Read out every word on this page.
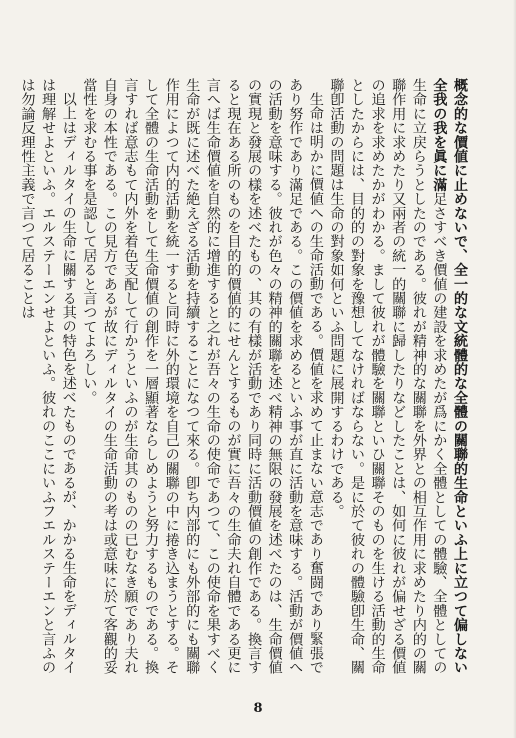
概念的な價値に止めないで、全一的な文統體的な全體の關聯的生命といふ上に立つて偏しない全我の我を眞に滿足さすべき價値の建設を求めたが爲にかく全體としての體驗、全體としての生命に立戻らうとしたのである。彼れが精神的な關聯を外界との相互作用に求めたり内的の關聯作用に求めたり又兩者の統一的關聯に歸したりなどしたことは、如何に彼れが偏せざる價値の追求を求めたかがわかる。まして彼れが體驗を關聯といひ關聯そのものを生ける活動的生命としたからには、目的的の對象を豫想してなければならない。是に於て彼れの體驗卽生命、關聯卽活動の問題は生命の對象如何といふ問題に展開するわけである。

生命は明かに價値への生命活動である。價値を求めて止まない意志であり奮闘であり緊張であり努作であり滿足である。この價値を求めるといふ事が直に活動を意味する。活動が價値への活動を意味する。彼れが色々の精神的關聯を述べ精神の無限の發展を述べたのは、生命價値の實現と發展の樣を述べたもの、其の有樣が活動であり同時に活動價値の創作である。換言すると現在ある所のものを目的的價値的にせんとするものが實に吾々の生命夫れ自體である更に言へば生命價値を自然的に增進すると之れが吾々の生命の使命であつて、この使命を果すべく生命が既に述べた絶えざる活動を持續することになつて來る。卽ち内部的にも外部的にも關聯作用によつて内的活動を統一すると同時に外的環境を自己の關聯の中に捲き込まうとする。そして全體の生命活動をして生命價値の創作を一層顯著ならしめようと努力するものである。換言すれば意志もて内外を着色支配して行かうといふのが生命其のものの已むなき願であり夫れ自身の本性である。この見方であるが故にディルタイの生命活動の考は或意味に於て客觀的妥當性を求むる事を是認して居ると言つてよろしい。

以上はディルタイの生命に關する其の特色を述べたものであるが、かかる生命をディルタイは理解せよといふ。エルステーエンせよといふ。彼れのここにいふフエルステーエンと言ふのは勿論反理性主義で言つて居ることは

8
